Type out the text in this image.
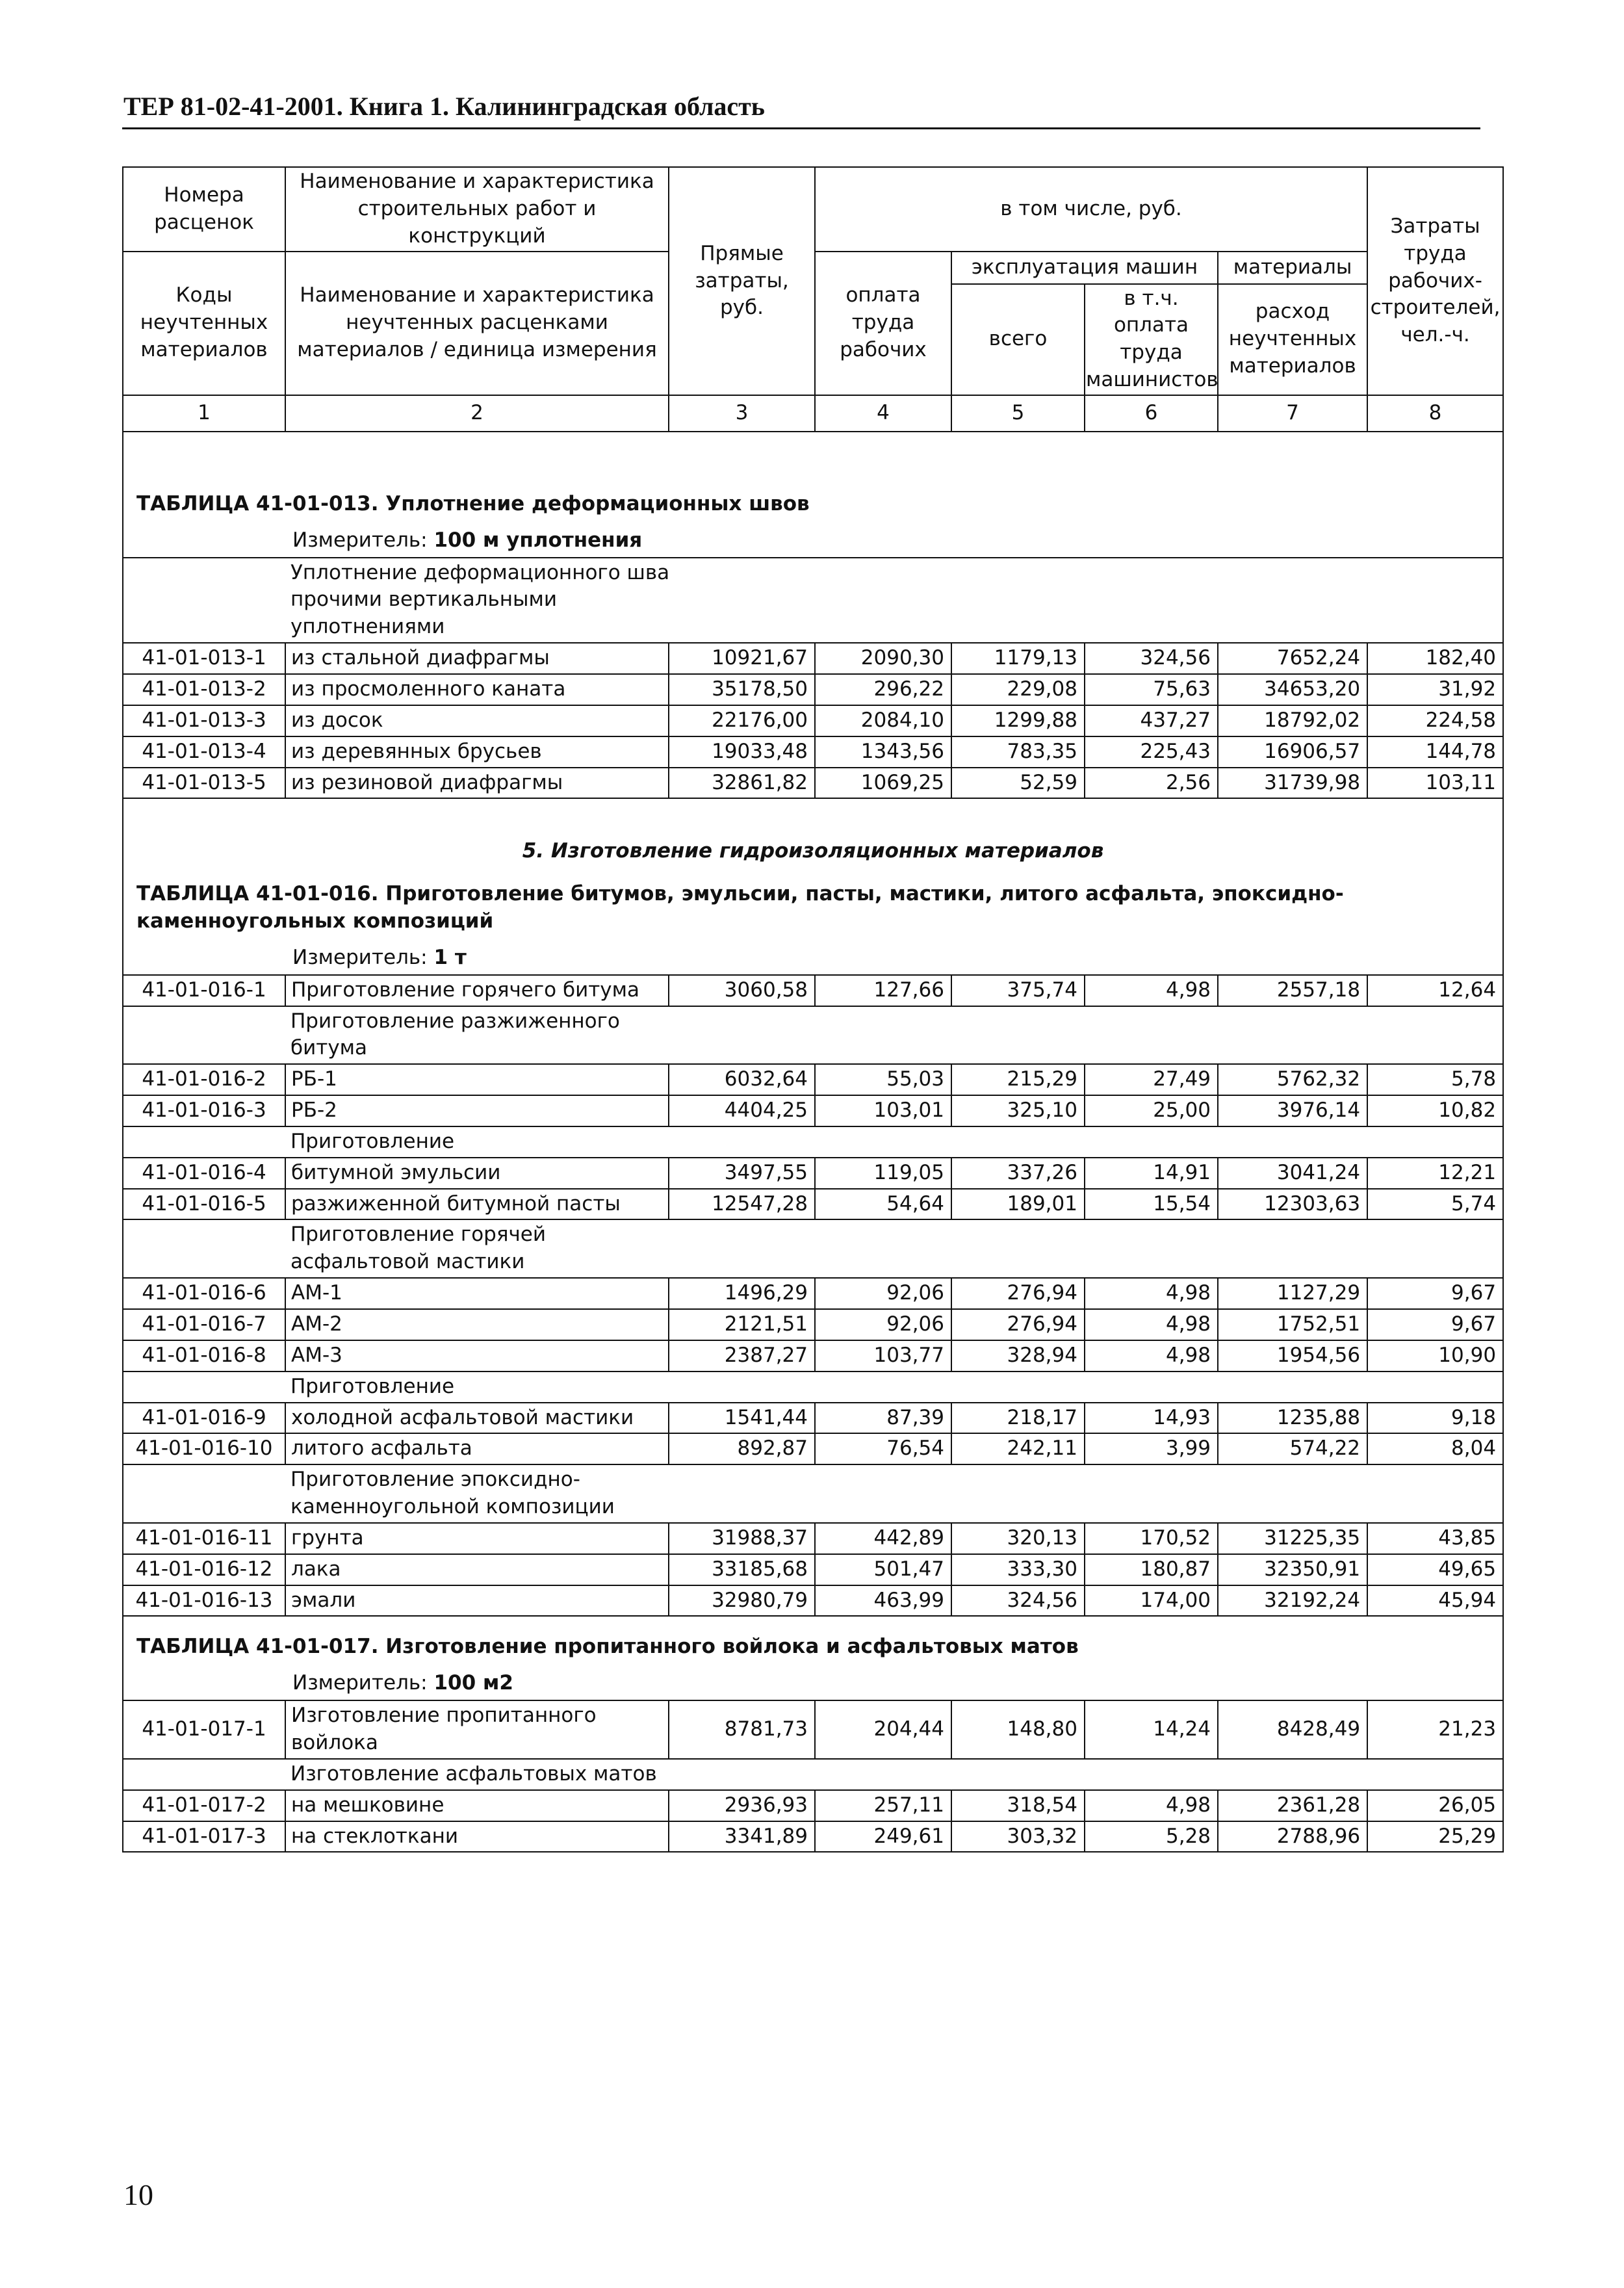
ТЕР 81-02-41-2001. Книга 1. Калининградская область
Номера расценок	Наименование и характеристика строительных работ и конструкций	Прямые затраты, руб.	в том числе, руб.				Затраты труда рабочих-строителей, чел.-ч.
Коды неучтенных материалов	Наименование и характеристика неучтенных расценками материалов / единица измерения		оплата труда рабочих	эксплуатация машин		материалы	
				всего	в т.ч. оплата труда машинистов	расход неучтенных материалов	
1	2	3	4	5	6	7	8
ТАБЛИЦА 41-01-013. Уплотнение деформационных швов							
Измеритель: 100 м уплотнения							
	Уплотнение деформационного шва прочими вертикальными уплотнениями						
41-01-013-1	из стальной диафрагмы	10921,67	2090,30	1179,13	324,56	7652,24	182,40
41-01-013-2	из просмоленного каната	35178,50	296,22	229,08	75,63	34653,20	31,92
41-01-013-3	из досок	22176,00	2084,10	1299,88	437,27	18792,02	224,58
41-01-013-4	из деревянных брусьев	19033,48	1343,56	783,35	225,43	16906,57	144,78
41-01-013-5	из резиновой диафрагмы	32861,82	1069,25	52,59	2,56	31739,98	103,11
5. Изготовление гидроизоляционных материалов							
ТАБЛИЦА 41-01-016. Приготовление битумов, эмульсии, пасты, мастики, литого асфальта, эпоксидно-каменноугольных композиций							
Измеритель: 1 т							
41-01-016-1	Приготовление горячего битума	3060,58	127,66	375,74	4,98	2557,18	12,64
	Приготовление разжиженного битума						
41-01-016-2	РБ-1	6032,64	55,03	215,29	27,49	5762,32	5,78
41-01-016-3	РБ-2	4404,25	103,01	325,10	25,00	3976,14	10,82
	Приготовление						
41-01-016-4	битумной эмульсии	3497,55	119,05	337,26	14,91	3041,24	12,21
41-01-016-5	разжиженной битумной пасты	12547,28	54,64	189,01	15,54	12303,63	5,74
	Приготовление горячей асфальтовой мастики						
41-01-016-6	АМ-1	1496,29	92,06	276,94	4,98	1127,29	9,67
41-01-016-7	АМ-2	2121,51	92,06	276,94	4,98	1752,51	9,67
41-01-016-8	АМ-3	2387,27	103,77	328,94	4,98	1954,56	10,90
	Приготовление						
41-01-016-9	холодной асфальтовой мастики	1541,44	87,39	218,17	14,93	1235,88	9,18
41-01-016-10	литого асфальта	892,87	76,54	242,11	3,99	574,22	8,04
	Приготовление эпоксидно-каменноугольной композиции						
41-01-016-11	грунта	31988,37	442,89	320,13	170,52	31225,35	43,85
41-01-016-12	лака	33185,68	501,47	333,30	180,87	32350,91	49,65
41-01-016-13	эмали	32980,79	463,99	324,56	174,00	32192,24	45,94
ТАБЛИЦА 41-01-017. Изготовление пропитанного войлока и асфальтовых матов							
Измеритель: 100 м2							
41-01-017-1	Изготовление пропитанного войлока	8781,73	204,44	148,80	14,24	8428,49	21,23
	Изготовление асфальтовых матов						
41-01-017-2	на мешковине	2936,93	257,11	318,54	4,98	2361,28	26,05
41-01-017-3	на стеклоткани	3341,89	249,61	303,32	5,28	2788,96	25,29
10
